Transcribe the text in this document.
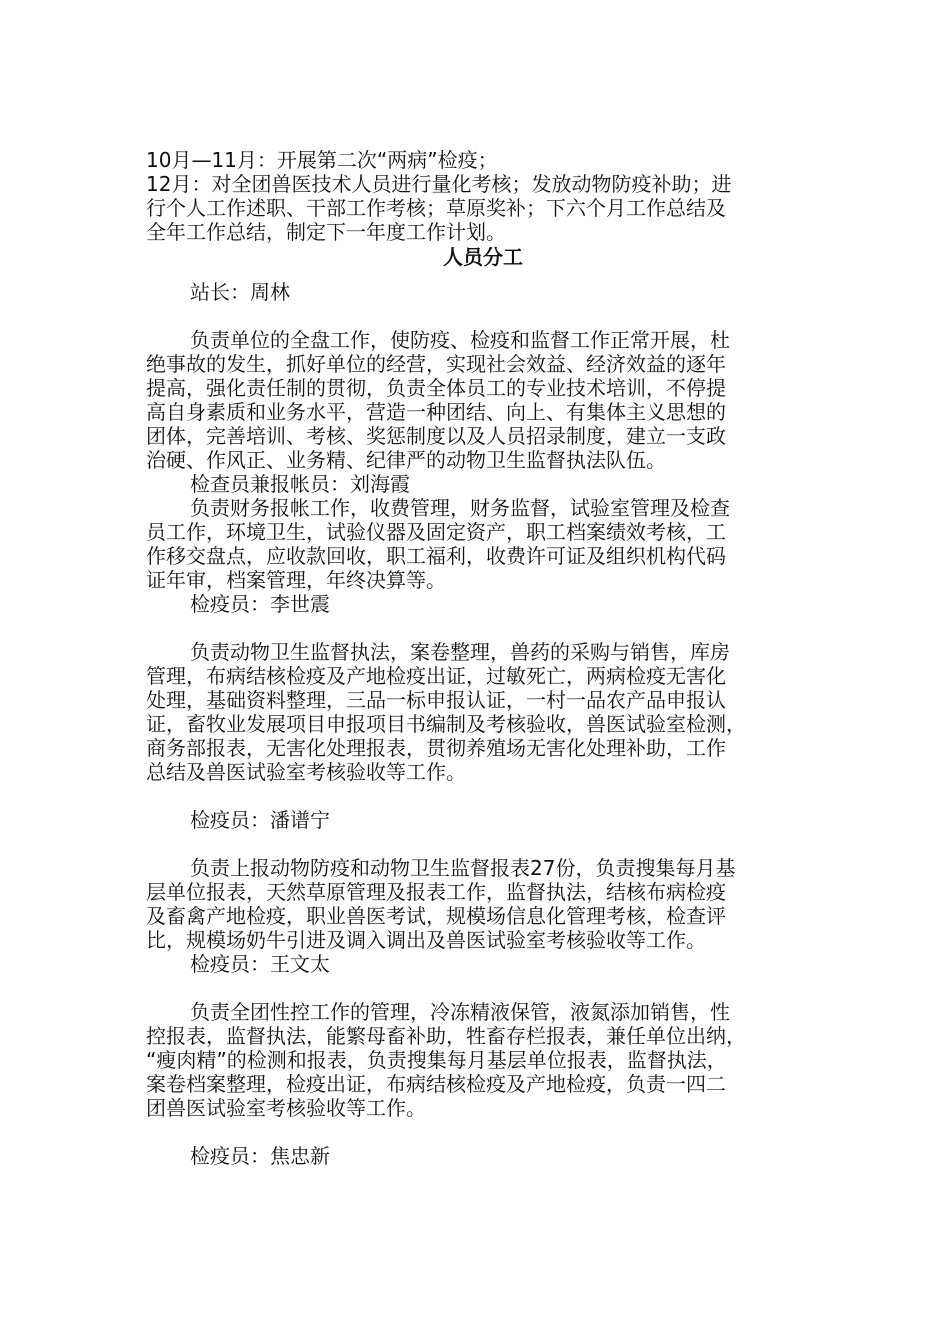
10月—11月：开展第二次“两病”检疫；

12月：对全团兽医技术人员进行量化考核；发放动物防疫补助；进

行个人工作述职、干部工作考核；草原奖补；下六个月工作总结及

全年工作总结，制定下一年度工作计划。

人员分工

站长：周林

负责单位的全盘工作，使防疫、检疫和监督工作正常开展，杜

绝事故的发生，抓好单位的经营，实现社会效益、经济效益的逐年

提高，强化责任制的贯彻，负责全体员工的专业技术培训，不停提

高自身素质和业务水平，营造一种团结、向上、有集体主义思想的

团体，完善培训、考核、奖惩制度以及人员招录制度，建立一支政

治硬、作风正、业务精、纪律严的动物卫生监督执法队伍。

检查员兼报帐员：刘海霞

负责财务报帐工作，收费管理，财务监督，试验室管理及检查

员工作，环境卫生，试验仪器及固定资产，职工档案绩效考核，工

作移交盘点，应收款回收，职工福利，收费许可证及组织机构代码

证年审，档案管理，年终决算等。

检疫员：李世震

负责动物卫生监督执法，案卷整理，兽药的采购与销售，库房

管理，布病结核检疫及产地检疫出证，过敏死亡，两病检疫无害化

处理，基础资料整理，三品一标申报认证，一村一品农产品申报认

证，畜牧业发展项目申报项目书编制及考核验收，兽医试验室检测，

商务部报表，无害化处理报表，贯彻养殖场无害化处理补助，工作

总结及兽医试验室考核验收等工作。

检疫员：潘谱宁

负责上报动物防疫和动物卫生监督报表27份，负责搜集每月基

层单位报表，天然草原管理及报表工作，监督执法，结核布病检疫

及畜禽产地检疫，职业兽医考试，规模场信息化管理考核，检查评

比，规模场奶牛引进及调入调出及兽医试验室考核验收等工作。

检疫员：王文太

负责全团性控工作的管理，冷冻精液保管，液氮添加销售，性

控报表，监督执法，能繁母畜补助，牲畜存栏报表，兼任单位出纳，

“瘦肉精”的检测和报表，负责搜集每月基层单位报表，监督执法，

案卷档案整理，检疫出证，布病结核检疫及产地检疫，负责一四二

团兽医试验室考核验收等工作。

检疫员：焦忠新
